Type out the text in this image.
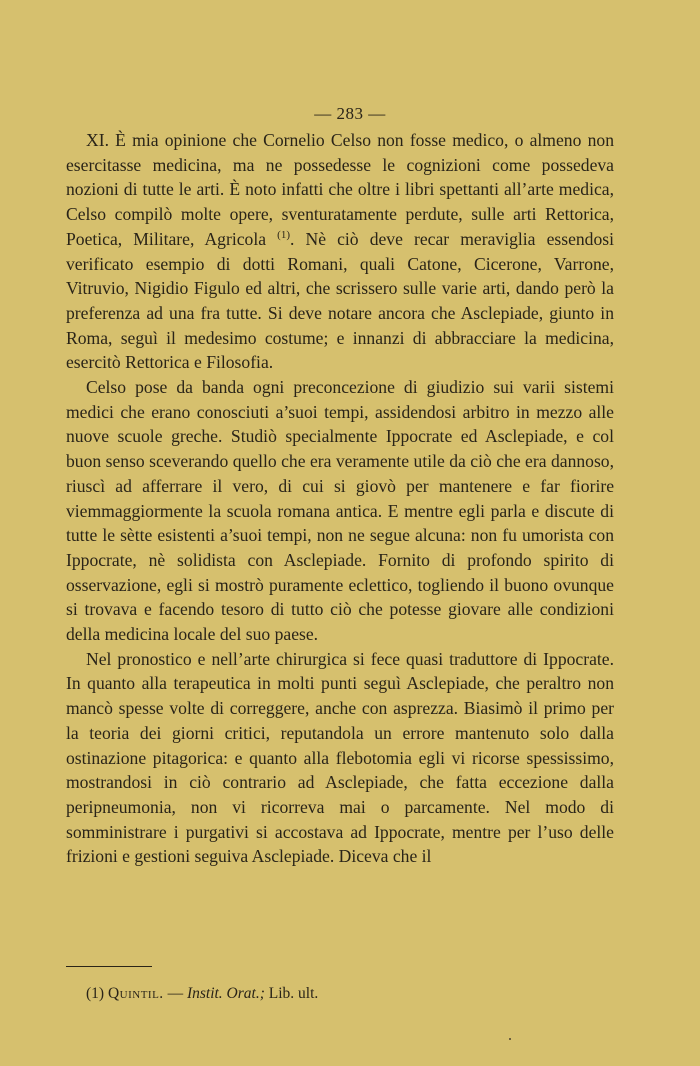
— 283 —

XI. È mia opinione che Cornelio Celso non fosse medico, o almeno non esercitasse medicina, ma ne possedesse le cognizioni come possedeva nozioni di tutte le arti. È noto infatti che oltre i libri spettanti all’arte medica, Celso compilò molte opere, sventuratamente perdute, sulle arti Rettorica, Poetica, Militare, Agricola $^{(1)}$. Nè ciò deve recar meraviglia essendosi verificato esempio di dotti Romani, quali Catone, Cicerone, Varrone, Vitruvio, Nigidio Figulo ed altri, che scrissero sulle varie arti, dando però la preferenza ad una fra tutte. Si deve notare ancora che Asclepiade, giunto in Roma, seguì il medesimo costume; e innanzi di abbracciare la medicina, esercitò Rettorica e Filosofia.

Celso pose da banda ogni preconcezione di giudizio sui varii sistemi medici che erano conosciuti a’suoi tempi, assidendosi arbitro in mezzo alle nuove scuole greche. Studiò specialmente Ippocrate ed Asclepiade, e col buon senso sceverando quello che era veramente utile da ciò che era dannoso, riuscì ad afferrare il vero, di cui si giovò per mantenere e far fiorire viemmaggiormente la scuola romana antica. E mentre egli parla e discute di tutte le sètte esistenti a’suoi tempi, non ne segue alcuna: non fu umorista con Ippocrate, nè solidista con Asclepiade. Fornito di profondo spirito di osservazione, egli si mostrò puramente eclettico, togliendo il buono ovunque si trovava e facendo tesoro di tutto ciò che potesse giovare alle condizioni della medicina locale del suo paese.

Nel pronostico e nell’arte chirurgica si fece quasi traduttore di Ippocrate. In quanto alla terapeutica in molti punti seguì Asclepiade, che peraltro non mancò spesse volte di correggere, anche con asprezza. Biasimò il primo per la teoria dei giorni critici, reputandola un errore mantenuto solo dalla ostinazione pitagorica: e quanto alla flebotomia egli vi ricorse spessissimo, mostrandosi in ciò contrario ad Asclepiade, che fatta eccezione dalla peripneumonia, non vi ricorreva mai o parcamente. Nel modo di somministrare i purgativi si accostava ad Ippocrate, mentre per l’uso delle frizioni e gestioni seguiva Asclepiade. Diceva che il

(1) Quintil. — Instit. Orat.; Lib. ult.
